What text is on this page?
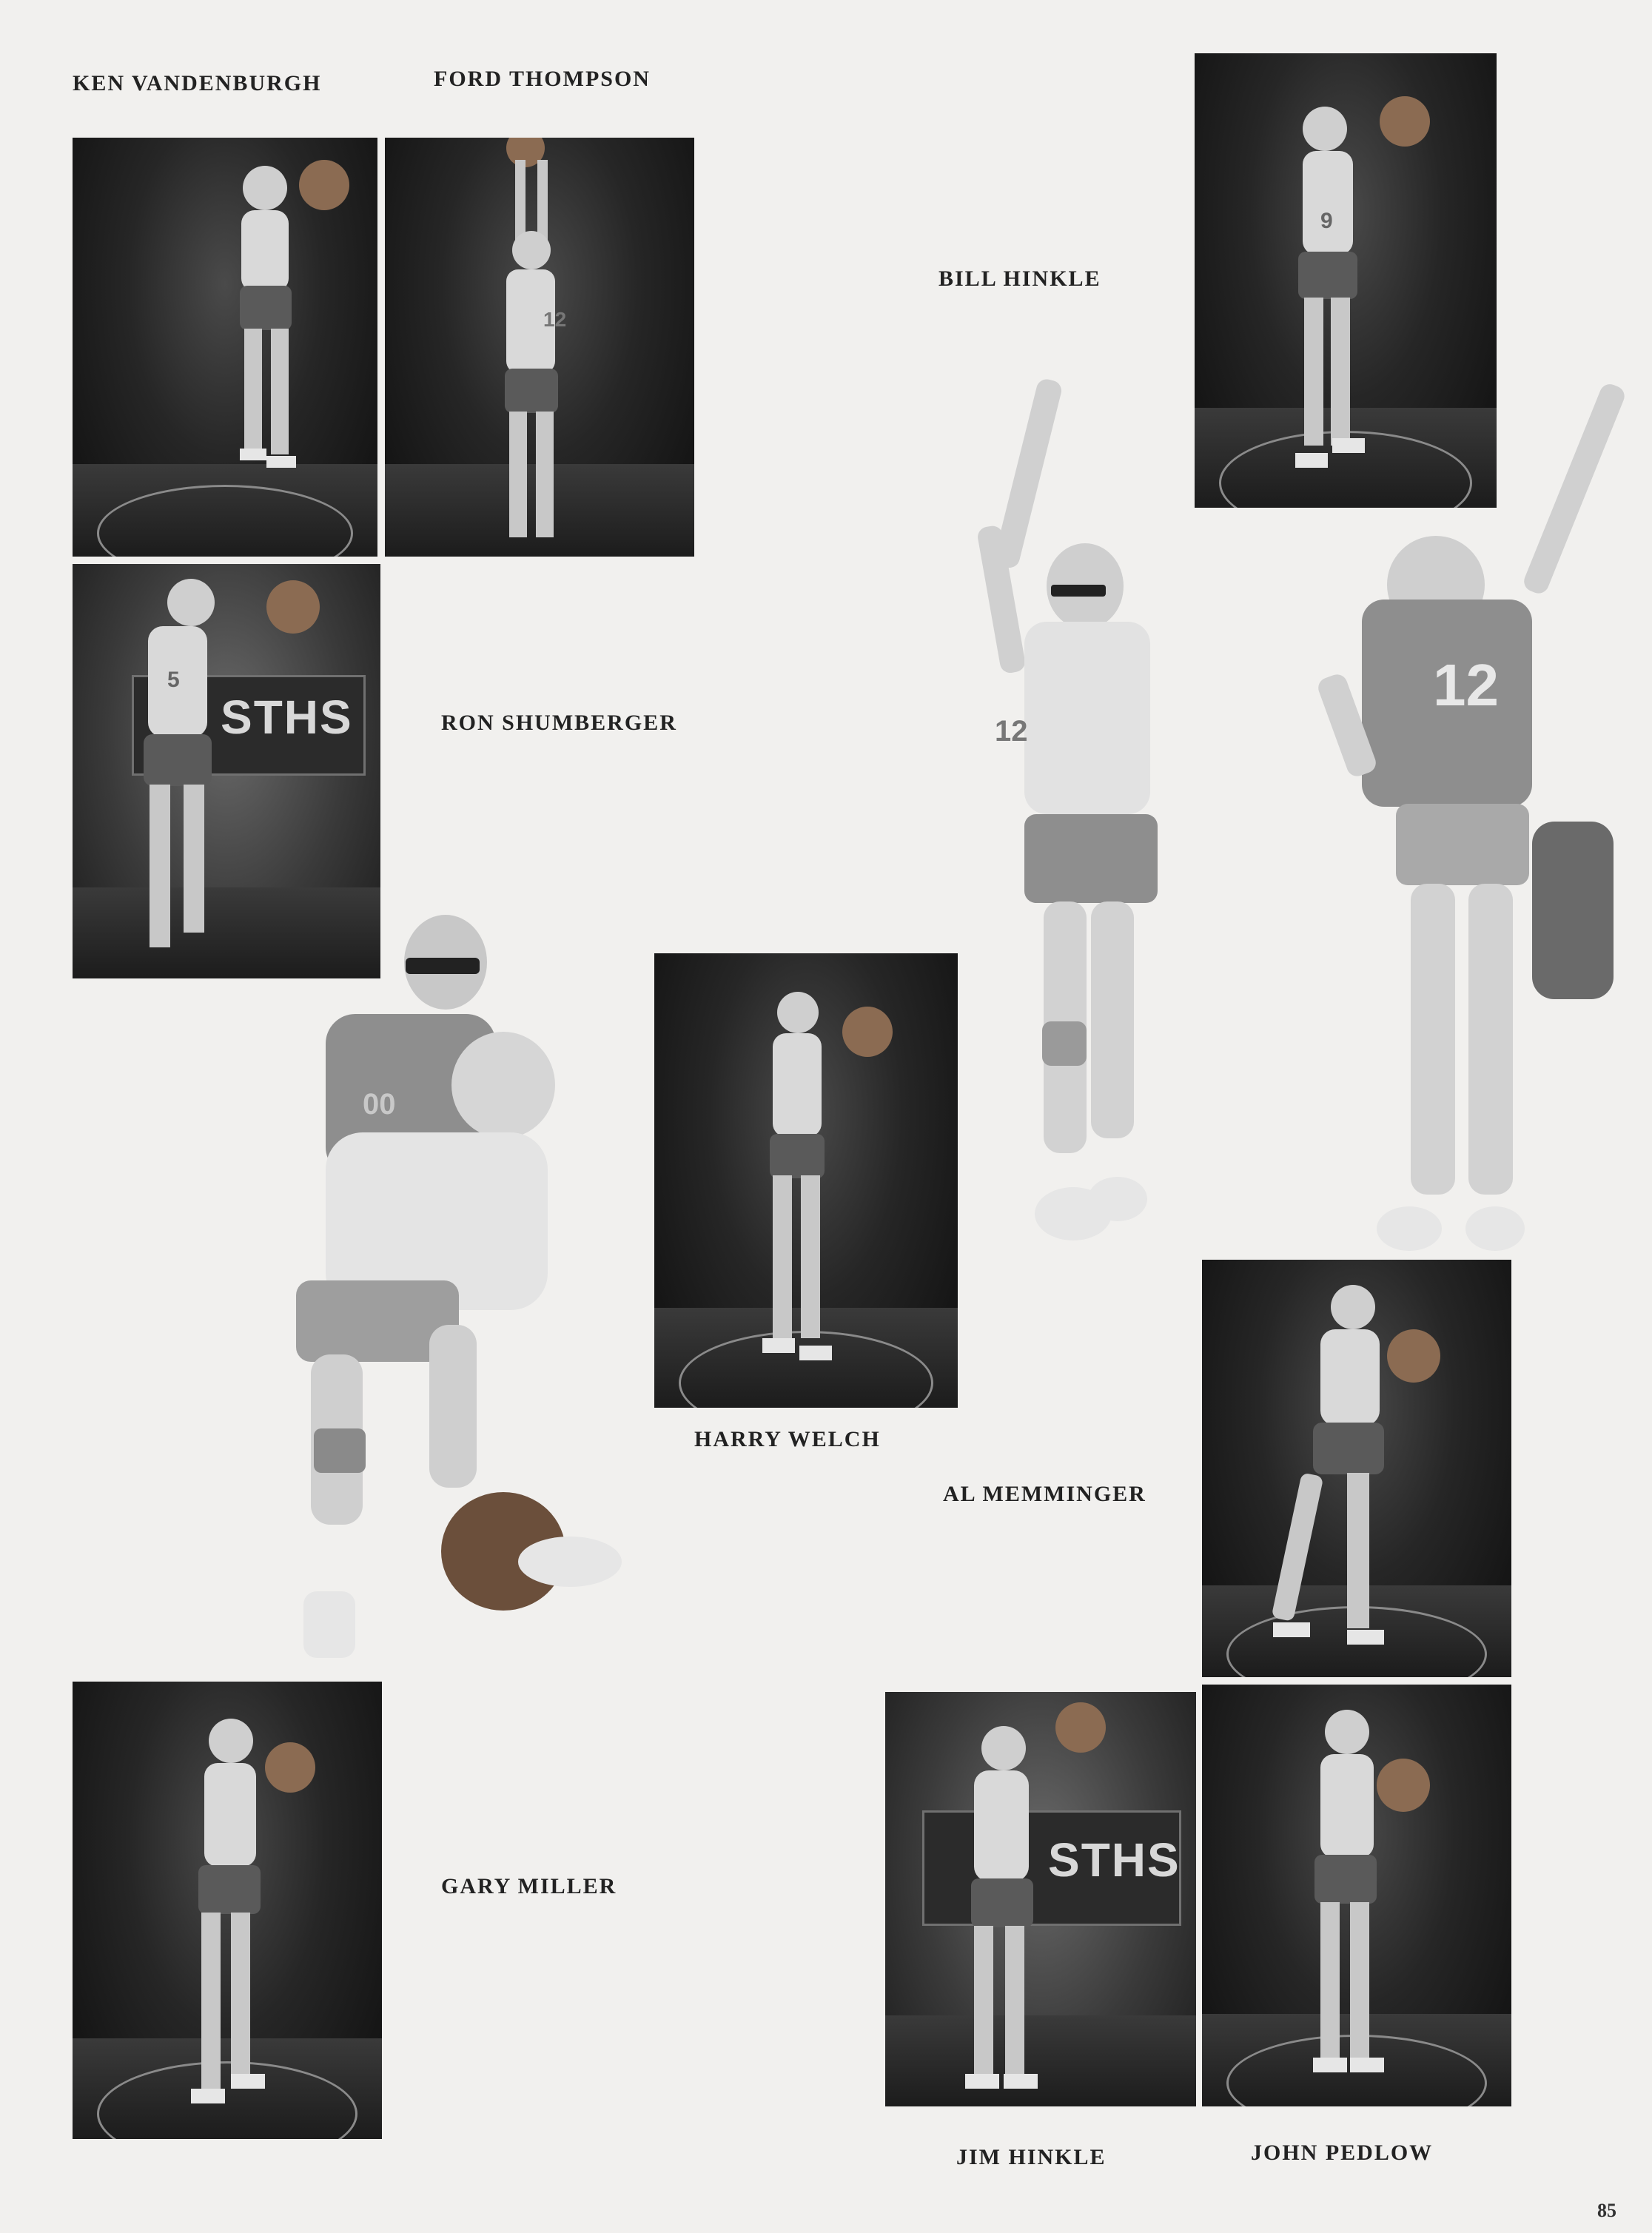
KEN VANDENBURGH	FORD THOMPSON
BILL HINKLE
RON SHUMBERGER
HARRY WELCH
AL MEMMINGER
GARY MILLER
JIM HINKLE	JOHN PEDLOW
12
9
STHS
5
12
12
00
STHS
85
